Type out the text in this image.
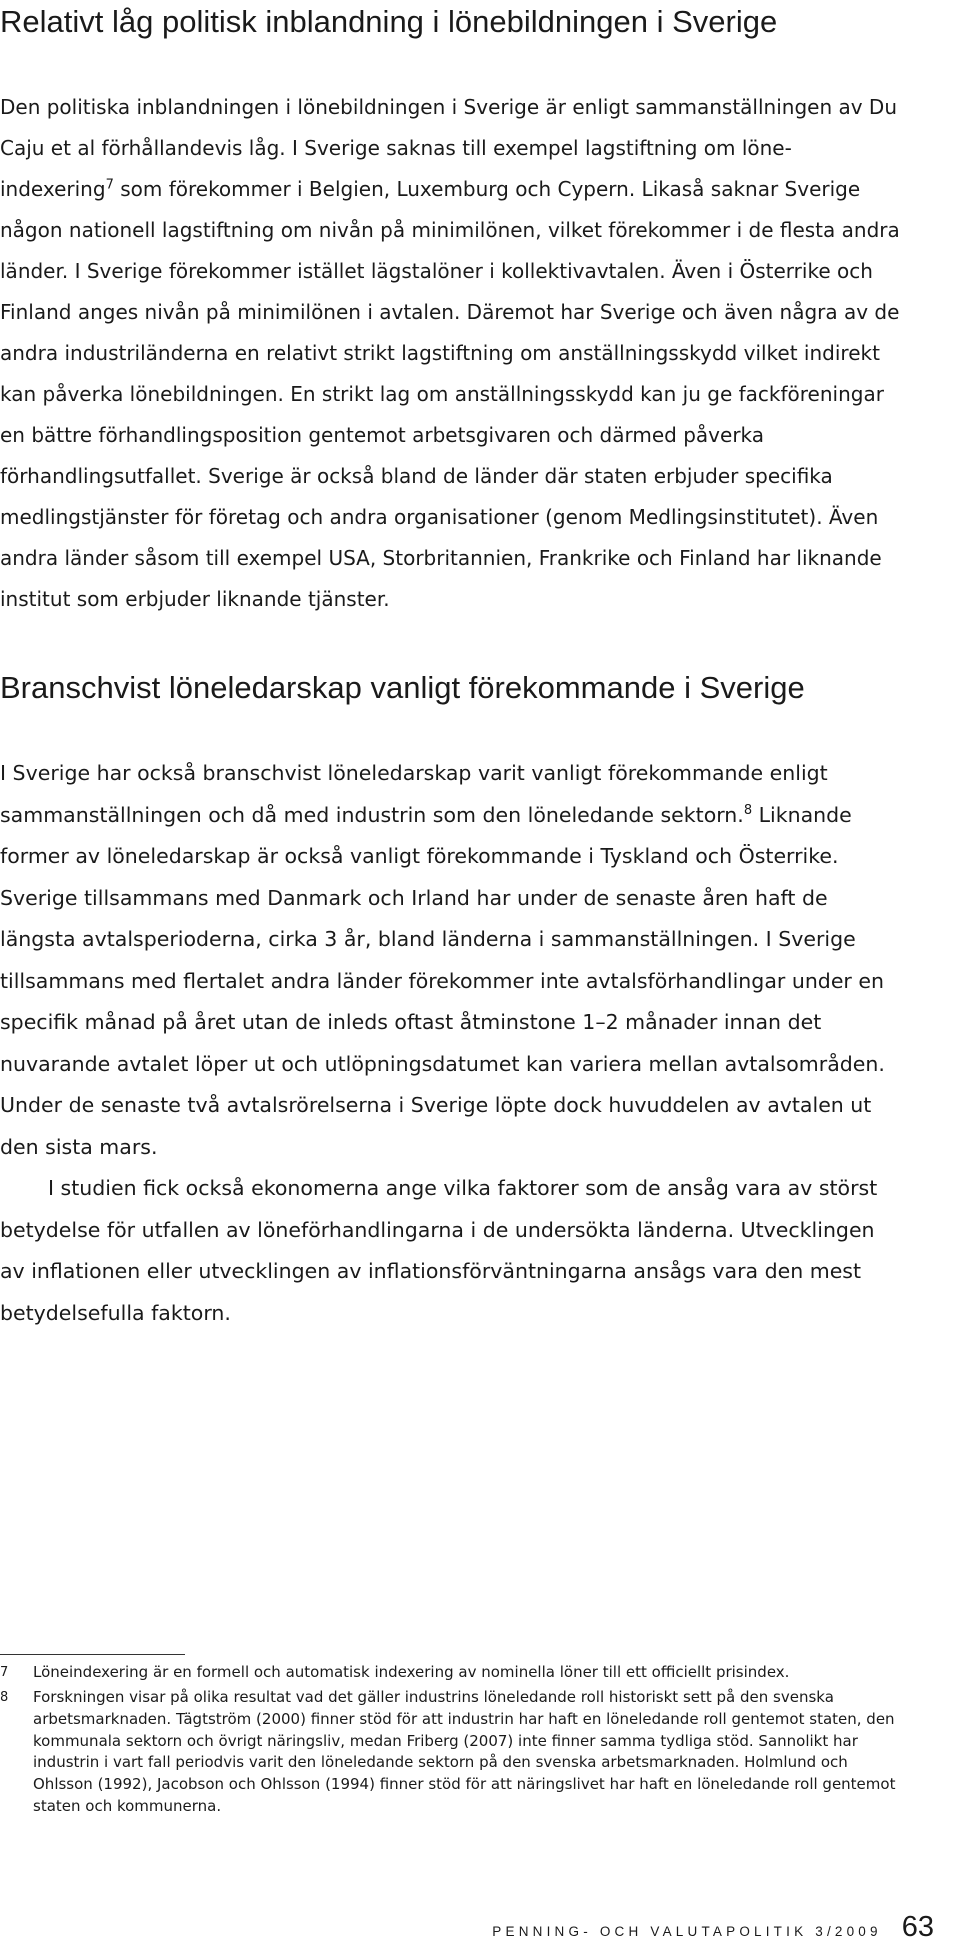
Relativt låg politisk inblandning i lönebildningen i Sverige

Den politiska inblandningen i lönebildningen i Sverige är enligt sammanställningen av Du Caju et al förhållandevis låg. I Sverige saknas till exempel lagstiftning om löne-indexering$^7$ som förekommer i Belgien, Luxemburg och Cypern. Likaså saknar Sverige någon nationell lagstiftning om nivån på minimilönen, vilket förekommer i de flesta andra länder. I Sverige förekommer istället lägstalöner i kollektivavtalen. Även i Österrike och Finland anges nivån på minimilönen i avtalen. Däremot har Sverige och även några av de andra industriländerna en relativt strikt lagstiftning om anställningsskydd vilket indirekt kan påverka lönebildningen. En strikt lag om anställningsskydd kan ju ge fackföreningar en bättre förhandlingsposition gentemot arbetsgivaren och därmed påverka förhandlingsutfallet. Sverige är också bland de länder där staten erbjuder specifika medlingstjänster för företag och andra organisationer (genom Medlingsinstitutet). Även andra länder såsom till exempel USA, Storbritannien, Frankrike och Finland har liknande institut som erbjuder liknande tjänster.

Branschvist löneledarskap vanligt förekommande i Sverige

I Sverige har också branschvist löneledarskap varit vanligt förekommande enligt sammanställningen och då med industrin som den löneledande sektorn.$^8$ Liknande former av löneledarskap är också vanligt förekommande i Tyskland och Österrike. Sverige tillsammans med Danmark och Irland har under de senaste åren haft de längsta avtalsperioderna, cirka 3 år, bland länderna i sammanställningen. I Sverige tillsammans med flertalet andra länder förekommer inte avtalsförhandlingar under en specifik månad på året utan de inleds oftast åtminstone 1–2 månader innan det nuvarande avtalet löper ut och utlöpningsdatumet kan variera mellan avtalsområden. Under de senaste två avtalsrörelserna i Sverige löpte dock huvuddelen av avtalen ut den sista mars.

I studien fick också ekonomerna ange vilka faktorer som de ansåg vara av störst betydelse för utfallen av löneförhandlingarna i de undersökta länderna. Utvecklingen av inflationen eller utvecklingen av inflationsförväntningarna ansågs vara den mest betydelsefulla faktorn.

7	Löneindexering är en formell och automatisk indexering av nominella löner till ett officiellt prisindex.
8	Forskningen visar på olika resultat vad det gäller industrins löneledande roll historiskt sett på den svenska arbetsmarknaden. Tägtström (2000) finner stöd för att industrin har haft en löneledande roll gentemot staten, den kommunala sektorn och övrigt näringsliv, medan Friberg (2007) inte finner samma tydliga stöd. Sannolikt har industrin i vart fall periodvis varit den löneledande sektorn på den svenska arbetsmarknaden. Holmlund och Ohlsson (1992), Jacobson och Ohlsson (1994) finner stöd för att näringslivet har haft en löneledande roll gentemot staten och kommunerna.
PENNING- OCH VALUTAPOLITIK 3/2009 63
